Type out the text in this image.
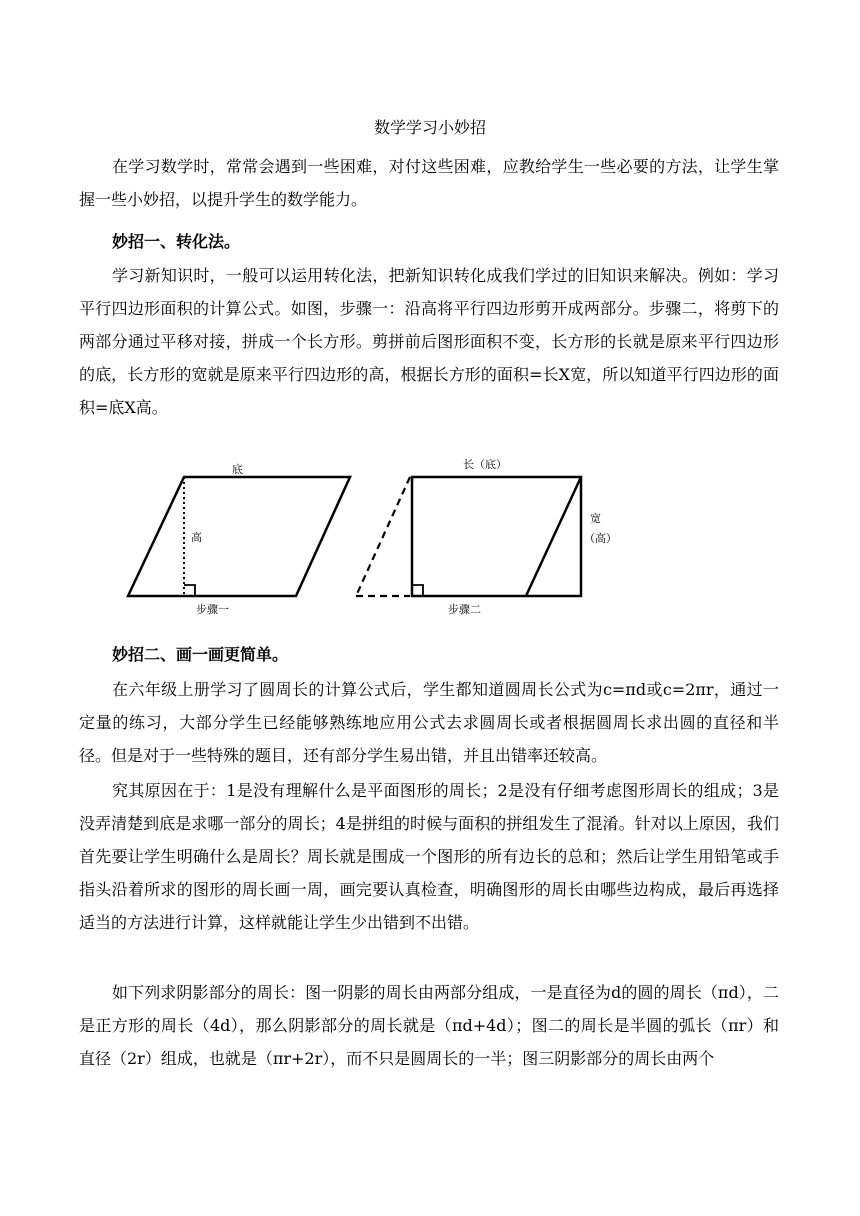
数学学习小妙招

在学习数学时，常常会遇到一些困难，对付这些困难，应教给学生一些必要的方法，让学生掌握一些小妙招，以提升学生的数学能力。

妙招一、转化法。

学习新知识时，一般可以运用转化法，把新知识转化成我们学过的旧知识来解决。例如：学习平行四边形面积的计算公式。如图，步骤一：沿高将平行四边形剪开成两部分。步骤二，将剪下的两部分通过平移对接，拼成一个长方形。剪拼前后图形面积不变，长方形的长就是原来平行四边形的底，长方形的宽就是原来平行四边形的高，根据长方形的面积=长X宽，所以知道平行四边形的面积=底X高。

底
高
步骤一
长（底）
宽
（高）
步骤二

妙招二、画一画更简单。

在六年级上册学习了圆周长的计算公式后，学生都知道圆周长公式为c=πd或c=2πr，通过一定量的练习，大部分学生已经能够熟练地应用公式去求圆周长或者根据圆周长求出圆的直径和半径。但是对于一些特殊的题目，还有部分学生易出错，并且出错率还较高。

究其原因在于：1是没有理解什么是平面图形的周长；2是没有仔细考虑图形周长的组成；3是没弄清楚到底是求哪一部分的周长；4是拼组的时候与面积的拼组发生了混淆。针对以上原因，我们首先要让学生明确什么是周长？周长就是围成一个图形的所有边长的总和；然后让学生用铅笔或手指头沿着所求的图形的周长画一周，画完要认真检查，明确图形的周长由哪些边构成，最后再选择适当的方法进行计算，这样就能让学生少出错到不出错。

如下列求阴影部分的周长：图一阴影的周长由两部分组成，一是直径为d的圆的周长（πd），二是正方形的周长（4d），那么阴影部分的周长就是（πd+4d）；图二的周长是半圆的弧长（πr）和直径（2r）组成，也就是（πr+2r），而不只是圆周长的一半；图三阴影部分的周长由两个
